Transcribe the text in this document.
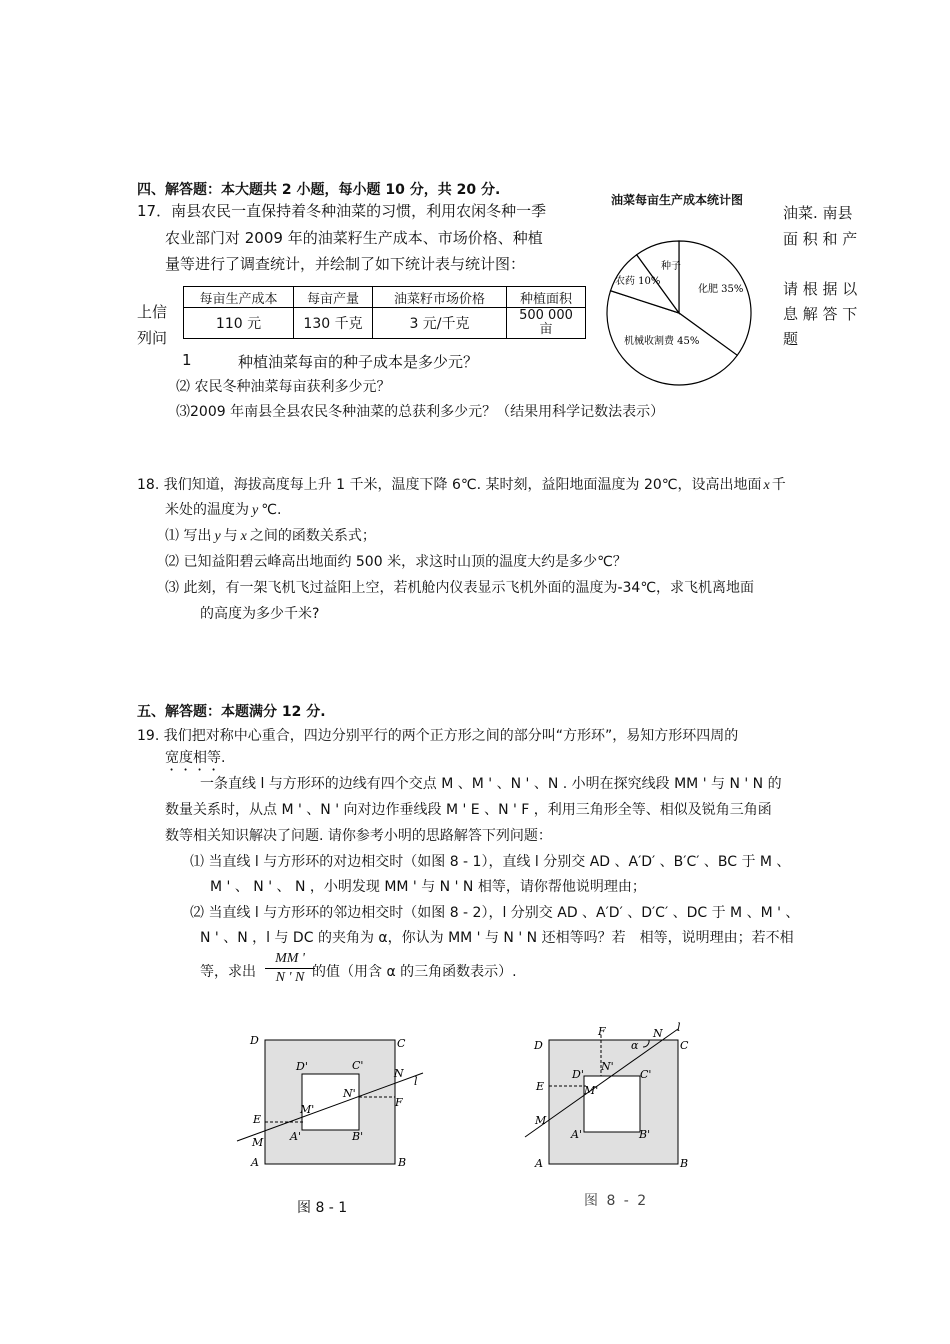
四、解答题：本大题共 2 小题，每小题 10 分，共 20 分.
17．南县农民一直保持着冬种油菜的习惯，利用农闲冬种一季
农业部门对 2009 年的油菜籽生产成本、市场价格、种植
量等进行了调查统计，并绘制了如下统计表与统计图：
油菜. 南县
面 积 和 产
请 根 据 以
息 解 答 下
题
上信
列问
每亩生产成本	每亩产量	油菜籽市场价格	种植面积
110 元	130 千克	3 元/千克	500 000 亩
油菜每亩生产成本统计图
化肥 35%
机械收割费 45%
农药 10%
种子
1	种植油菜每亩的种子成本是多少元？
⑵ 农民冬种油菜每亩获利多少元？
⑶2009 年南县全县农民冬种油菜的总获利多少元？（结果用科学记数法表示）
18. 我们知道，海拔高度每上升 1 千米，温度下降 6℃. 某时刻，益阳地面温度为 20℃，设高出地面 x 千
米处的温度为 y ℃.
⑴ 写出 y 与 x 之间的函数关系式；
⑵ 已知益阳碧云峰高出地面约 500 米，求这时山顶的温度大约是多少℃？
⑶ 此刻，有一架飞机飞过益阳上空，若机舱内仪表显示飞机外面的温度为-34℃，求飞机离地面
的高度为多少千米?
五、解答题：本题满分 12 分.
19. 我们把对称中心重合，四边分别平行的两个正方形之间的部分叫“方形环”，易知方形环四周的
宽度相等.
一条直线 l 与方形环的边线有四个交点 M 、M ' 、N ' 、N . 小明在探究线段 MM ' 与 N ' N 的
数量关系时，从点 M ' 、N ' 向对边作垂线段 M ' E 、N ' F ，利用三角形全等、相似及锐角三角函
数等相关知识解决了问题. 请你参考小明的思路解答下列问题：
⑴ 当直线 l 与方形环的对边相交时（如图 8 - 1），直线 l 分别交 AD 、A′D′ 、B′C′ 、BC 于 M 、
M ' 、 N ' 、 N ，小明发现 MM ' 与 N ' N 相等，请你帮他说明理由；
⑵ 当直线 l 与方形环的邻边相交时（如图 8 - 2），l 分别交 AD 、A′D′ 、D′C′ 、DC 于 M 、M ' 、
N ' 、N ，l 与 DC 的夹角为 α，你认为 MM ' 与 N ' N 还相等吗？若　相等，说明理由；若不相
等，求出 $\frac{MM '}{N ' N}$
的值（用含 α 的三角函数表示）.
D	C
A	B
D'	C'
A'	B'
N
N'
M
M'
E
F
l
图 8 - 1
D	C
A	B
D'	C'
A'	B'
N
N'
M
M'
E
F	l
α
图 8 - 2
